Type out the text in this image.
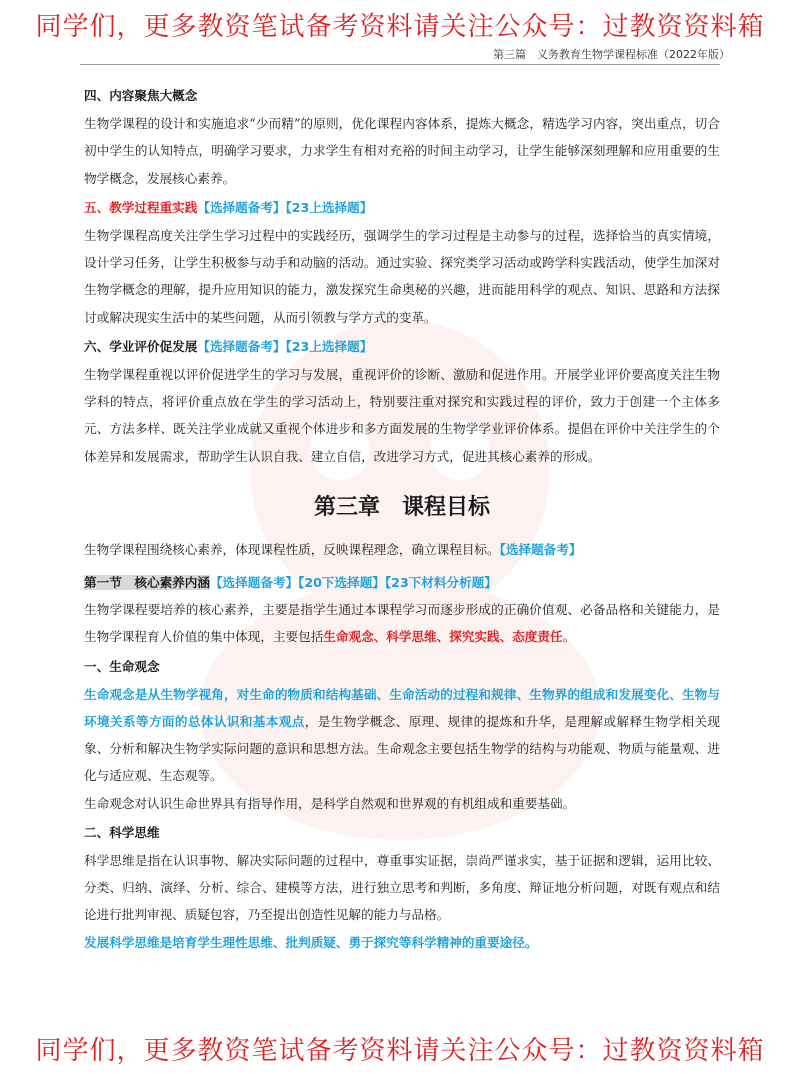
同学们，更多教资笔试备考资料请关注公众号：过教资资料箱
第三篇　义务教育生物学课程标准（2022年版）
四、内容聚焦大概念

生物学课程的设计和实施追求“少而精”的原则，优化课程内容体系，提炼大概念，精选学习内容，突出重点，切合初中学生的认知特点，明确学习要求，力求学生有相对充裕的时间主动学习，让学生能够深刻理解和应用重要的生物学概念，发展核心素养。

五、教学过程重实践【选择题备考】【23上选择题】

生物学课程高度关注学生学习过程中的实践经历，强调学生的学习过程是主动参与的过程，选择恰当的真实情境，设计学习任务，让学生积极参与动手和动脑的活动。通过实验、探究类学习活动或跨学科实践活动，使学生加深对生物学概念的理解，提升应用知识的能力，激发探究生命奥秘的兴趣，进而能用科学的观点、知识、思路和方法探讨或解决现实生活中的某些问题，从而引领教与学方式的变革。

六、学业评价促发展【选择题备考】【23上选择题】

生物学课程重视以评价促进学生的学习与发展，重视评价的诊断、激励和促进作用。开展学业评价要高度关注生物学科的特点，将评价重点放在学生的学习活动上，特别要注重对探究和实践过程的评价，致力于创建一个主体多元、方法多样、既关注学业成就又重视个体进步和多方面发展的生物学学业评价体系。提倡在评价中关注学生的个体差异和发展需求，帮助学生认识自我、建立自信，改进学习方式，促进其核心素养的形成。

第三章　课程目标

生物学课程围绕核心素养，体现课程性质，反映课程理念，确立课程目标。【选择题备考】

第一节　核心素养内涵【选择题备考】【20下选择题】【23下材料分析题】

生物学课程要培养的核心素养，主要是指学生通过本课程学习而逐步形成的正确价值观、必备品格和关键能力，是生物学课程育人价值的集中体现，主要包括生命观念、科学思维、探究实践、态度责任。

一、生命观念

生命观念是从生物学视角，对生命的物质和结构基础、生命活动的过程和规律、生物界的组成和发展变化、生物与环境关系等方面的总体认识和基本观点，是生物学概念、原理、规律的提炼和升华，是理解或解释生物学相关现象、分析和解决生物学实际问题的意识和思想方法。生命观念主要包括生物学的结构与功能观、物质与能量观、进化与适应观、生态观等。

生命观念对认识生命世界具有指导作用，是科学自然观和世界观的有机组成和重要基础。

二、科学思维

科学思维是指在认识事物、解决实际问题的过程中，尊重事实证据，崇尚严谨求实，基于证据和逻辑，运用比较、分类、归纳、演绎、分析、综合、建模等方法，进行独立思考和判断，多角度、辩证地分析问题，对既有观点和结论进行批判审视、质疑包容，乃至提出创造性见解的能力与品格。

发展科学思维是培育学生理性思维、批判质疑、勇于探究等科学精神的重要途径。

同学们，更多教资笔试备考资料请关注公众号：过教资资料箱
